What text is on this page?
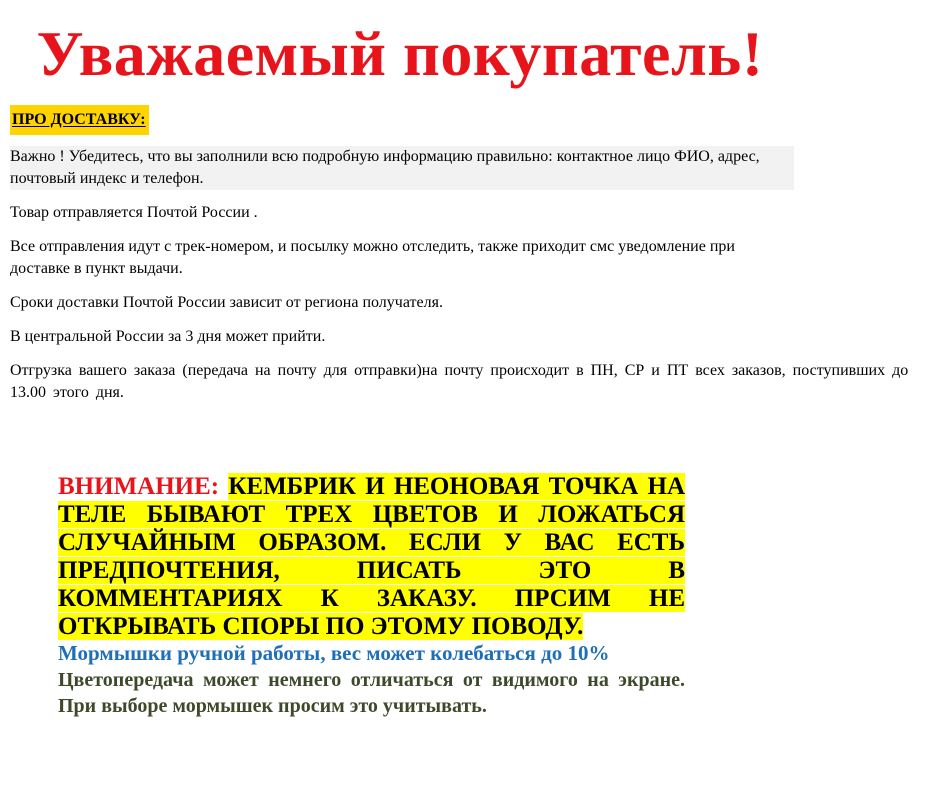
Уважаемый покупатель!
ПРО ДОСТАВКУ:

Важно ! Убедитесь, что вы заполнили всю подробную информацию правильно: контактное лицо ФИО, адрес, почтовый индекс и телефон.

Товар отправляется Почтой России .

Все отправления идут с трек-номером, и посылку можно отследить, также приходит смс уведомление при доставке в пункт выдачи.

Сроки доставки Почтой России зависит от региона получателя.

В центральной России за 3 дня может прийти.

Отгрузка вашего заказа (передача на почту для отправки)на почту происходит в ПН, СР и ПТ всех заказов, поступивших до 13.00 этого дня.

ВНИМАНИЕ: КЕМБРИК И НЕОНОВАЯ ТОЧКА НА ТЕЛЕ БЫВАЮТ ТРЕХ ЦВЕТОВ И ЛОЖАТЬСЯ СЛУЧАЙНЫМ ОБРАЗОМ. ЕСЛИ У ВАС ЕСТЬ ПРЕДПОЧТЕНИЯ, ПИСАТЬ ЭТО В КОММЕНТАРИЯХ К ЗАКАЗУ. ПРСИМ НЕ ОТКРЫВАТЬ СПОРЫ ПО ЭТОМУ ПОВОДУ.
Мормышки ручной работы, вес может колебаться до 10%
Цветопередача может немнего отличаться от видимого на экране. При выборе мормышек просим это учитывать.
